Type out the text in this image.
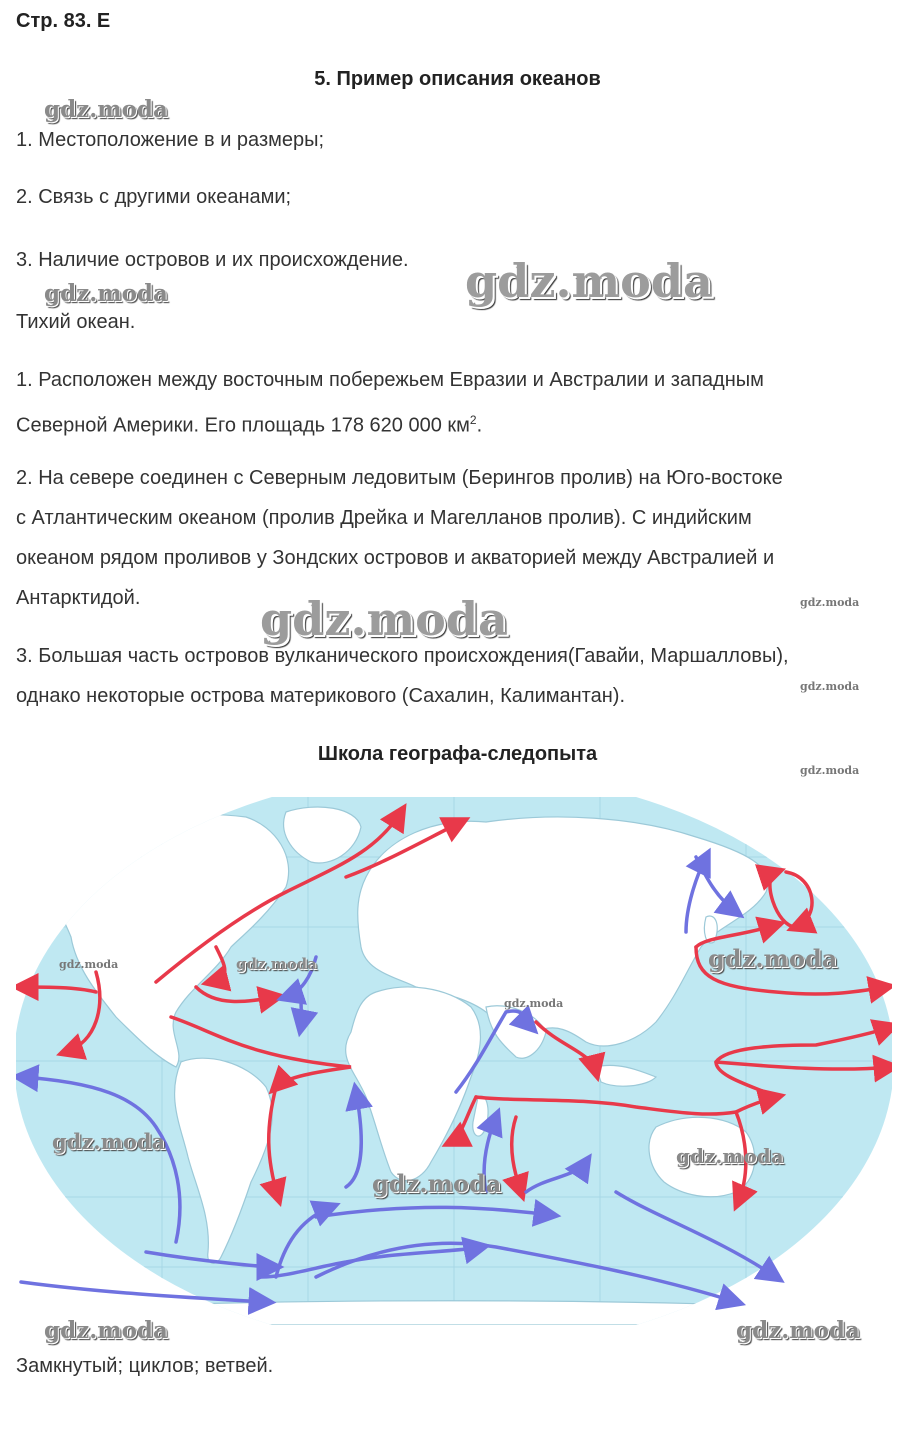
Стр. 83. Е
5. Пример описания океанов
gdz.moda
gdz.moda	gdz.moda
gdz.moda	gdz.moda
gdz.moda
gdz.moda
1. Местоположение в и размеры;
2. Связь с другими океанами;
3. Наличие островов и их происхождение.
Тихий океан.
1. Расположен между восточным побережьем Евразии и Австралии и западным
Северной Америки. Его площадь 178 620 000 $км^2$.
2. На севере соединен с Северным ледовитым (Берингов пролив) на Юго-востоке
с Атлантическим океаном (пролив Дрейка и Магелланов пролив). С индийским
океаном рядом проливов у Зондских островов и акваторией между Австралией и
Антарктидой.
3. Большая часть островов вулканического происхождения(Гавайи, Маршалловы),
однако некоторые острова материкового (Сахалин, Калимантан).
Школа географа-следопыта
gdz.moda	gdz.moda
gdz.moda
gdz.moda
gdz.moda
gdz.moda
gdz.moda
gdz.moda	gdz.moda
Замкнутый; циклов; ветвей.
